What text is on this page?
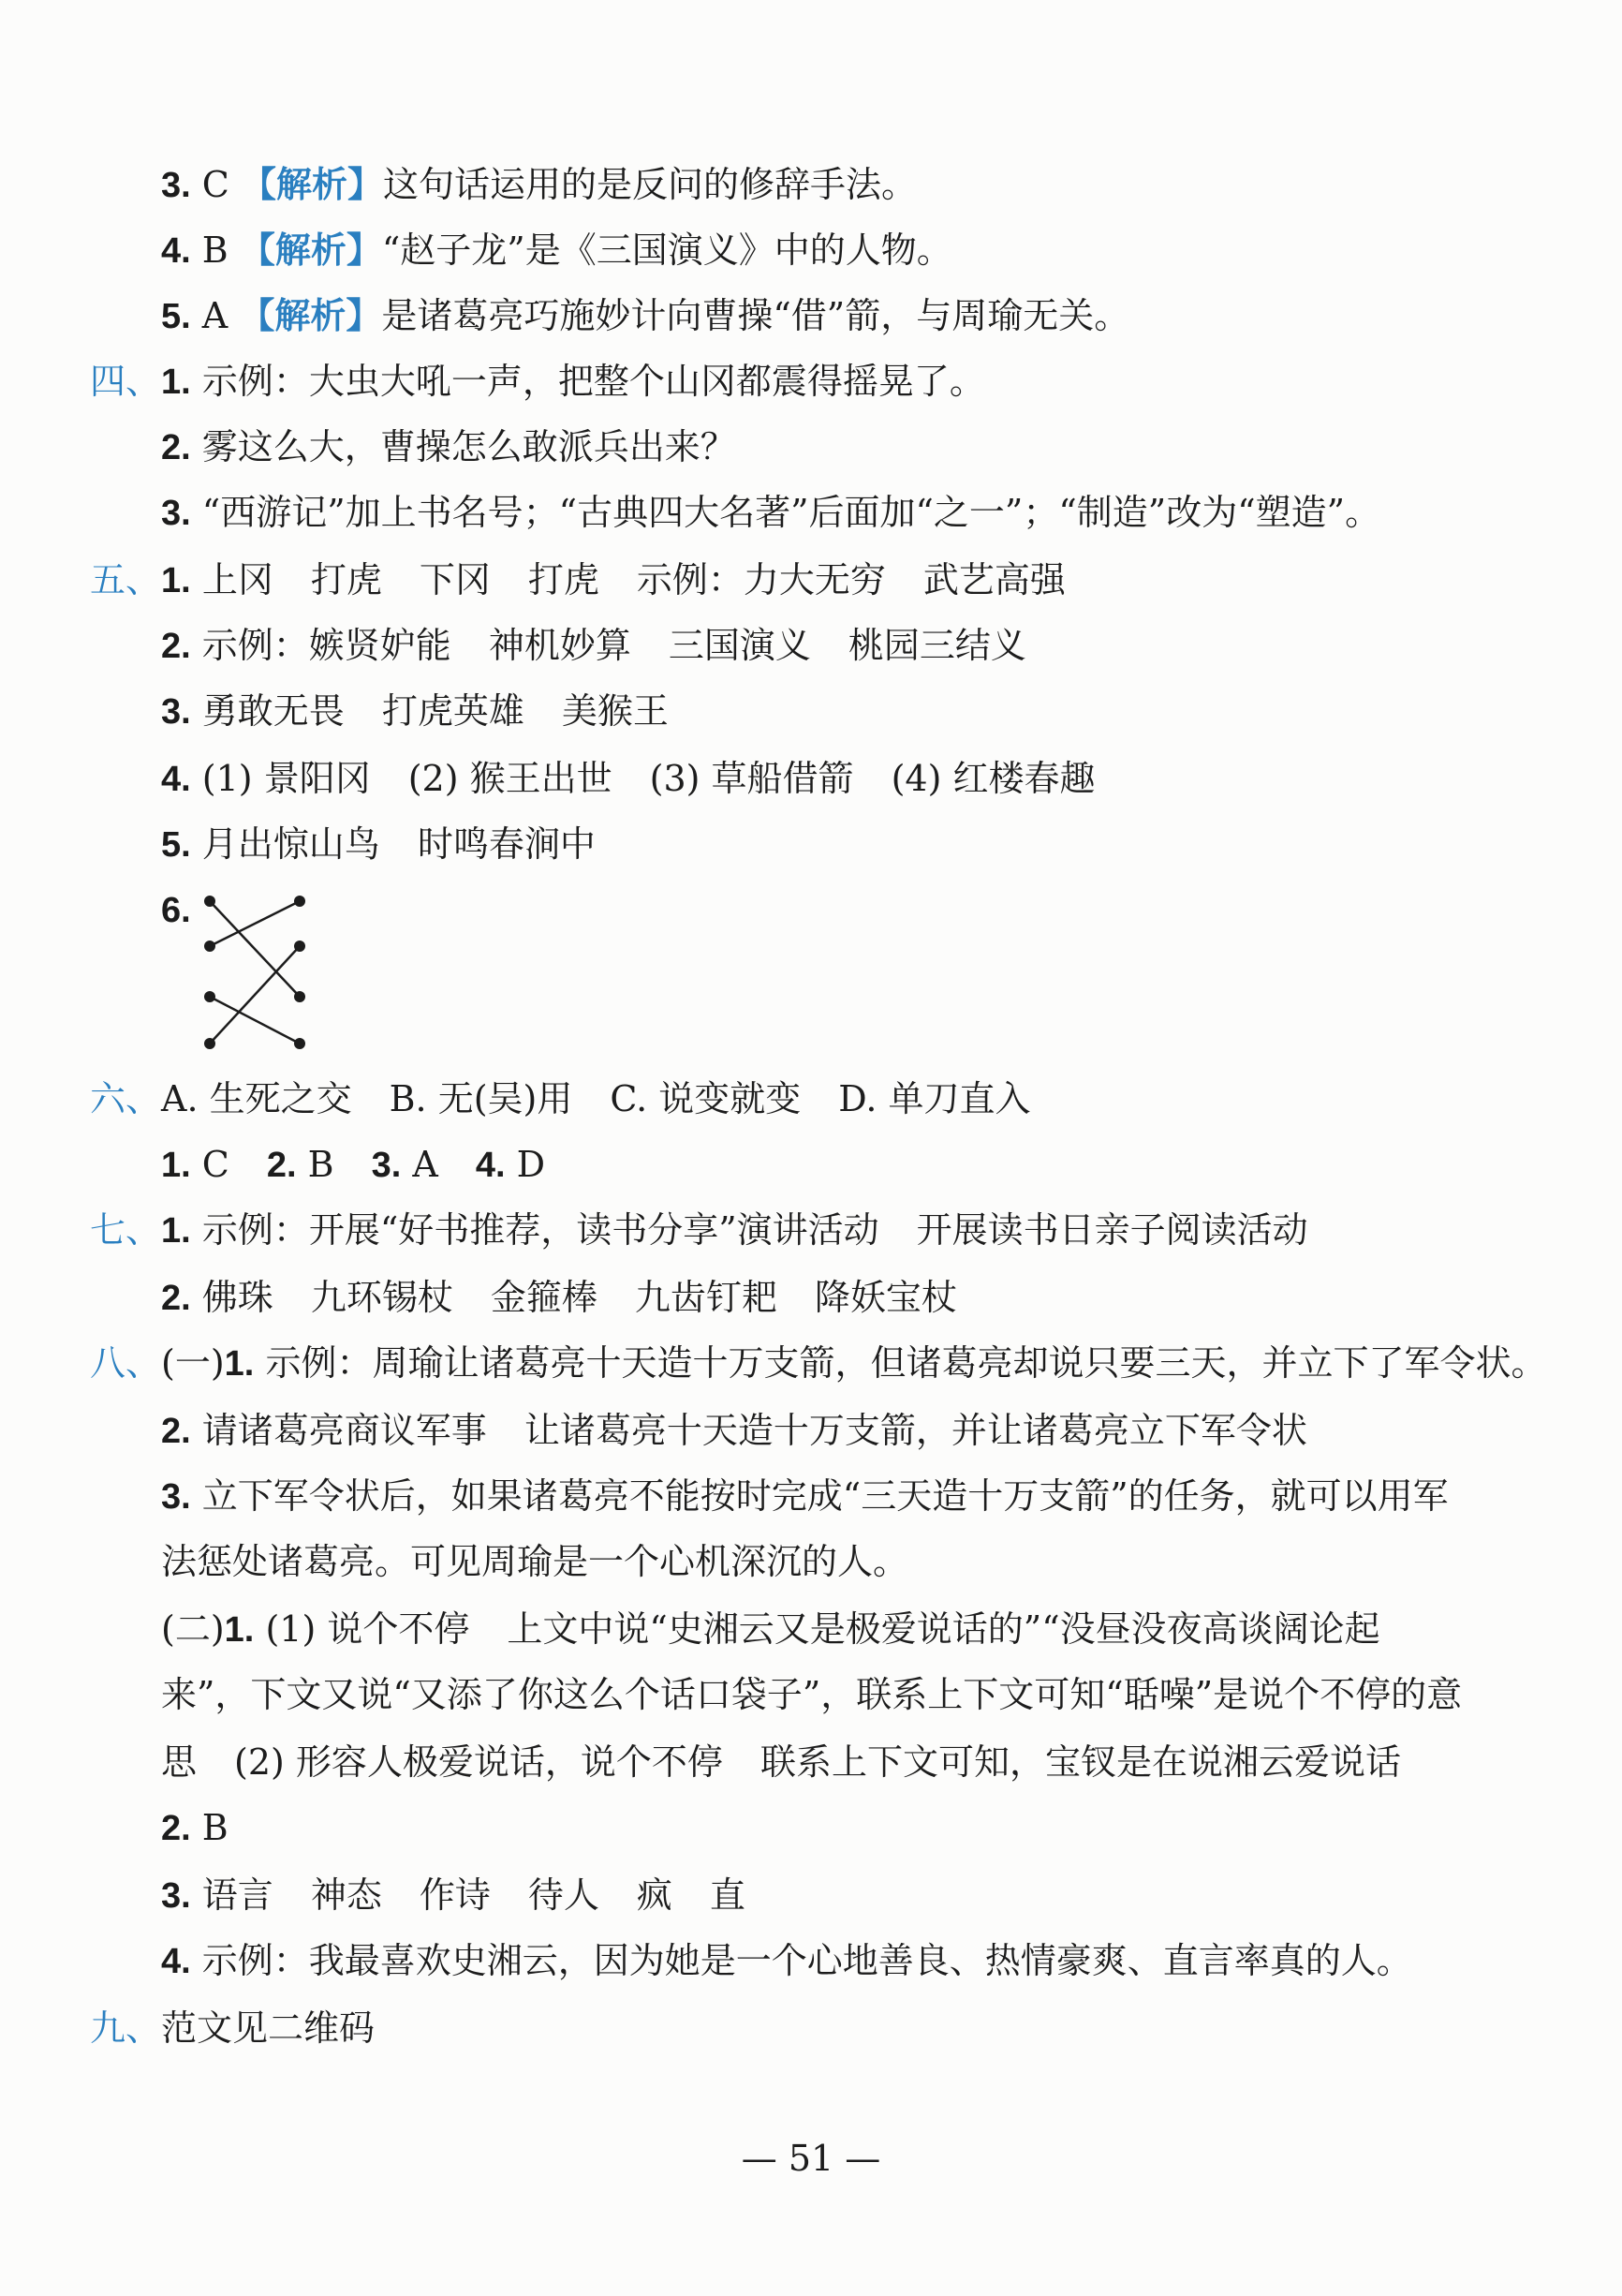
3. C 【解析】这句话运用的是反问的修辞手法。
4. B 【解析】“赵子龙”是《三国演义》中的人物。
5. A 【解析】是诸葛亮巧施妙计向曹操“借”箭，与周瑜无关。
四、1. 示例：大虫大吼一声，把整个山冈都震得摇晃了。
2. 雾这么大，曹操怎么敢派兵出来？
3. “西游记”加上书名号；“古典四大名著”后面加“之一”；“制造”改为“塑造”。
五、1. 上冈 打虎 下冈 打虎 示例：力大无穷 武艺高强
2. 示例：嫉贤妒能 神机妙算 三国演义 桃园三结义
3. 勇敢无畏 打虎英雄 美猴王
4. (1) 景阳冈 (2) 猴王出世 (3) 草船借箭 (4) 红楼春趣
5. 月出惊山鸟 时鸣春涧中
6.
六、A. 生死之交 B. 无(吴)用 C. 说变就变 D. 单刀直入
1. C 2. B 3. A 4. D
七、1. 示例：开展“好书推荐，读书分享”演讲活动 开展读书日亲子阅读活动
2. 佛珠 九环锡杖 金箍棒 九齿钉耙 降妖宝杖
八、(一)1. 示例：周瑜让诸葛亮十天造十万支箭，但诸葛亮却说只要三天，并立下了军令状。
2. 请诸葛亮商议军事 让诸葛亮十天造十万支箭，并让诸葛亮立下军令状
3. 立下军令状后，如果诸葛亮不能按时完成“三天造十万支箭”的任务，就可以用军
法惩处诸葛亮。可见周瑜是一个心机深沉的人。
(二)1. (1) 说个不停 上文中说“史湘云又是极爱说话的”“没昼没夜高谈阔论起
来”，下文又说“又添了你这么个话口袋子”，联系上下文可知“聒噪”是说个不停的意
思 (2) 形容人极爱说话，说个不停 联系上下文可知，宝钗是在说湘云爱说话
2. B
3. 语言 神态 作诗 待人 疯 直
4. 示例：我最喜欢史湘云，因为她是一个心地善良、热情豪爽、直言率真的人。
九、范文见二维码
— 51 —
